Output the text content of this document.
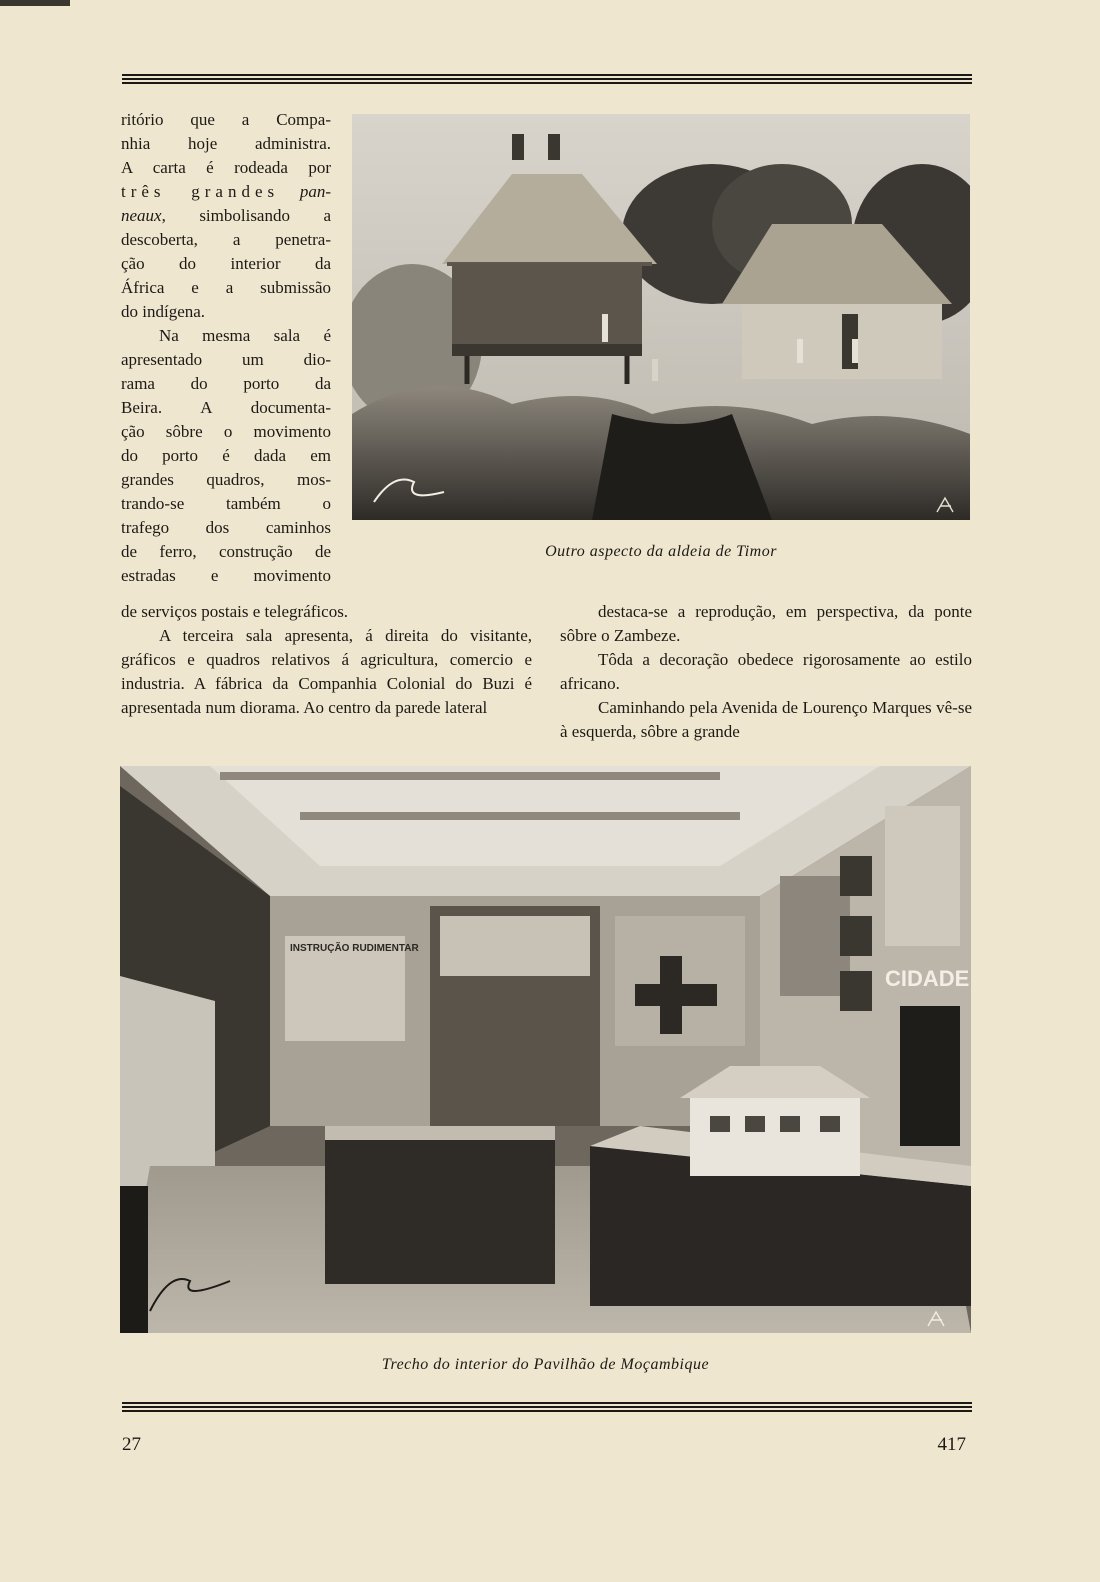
ritório que a Compa-

nhia hoje administra.

A carta é rodeada por

três grandes pan-

neaux, simbolisando a

descoberta, a penetra-

ção do interior da

África e a submissão

do indígena.

Na mesma sala é

apresentado um dio-

rama do porto da

Beira. A documenta-

ção sôbre o movimento

do porto é dada em

grandes quadros, mos-

trando-se também o

trafego dos caminhos

de ferro, construção de

estradas e movimento

de serviços postais e telegráficos.

A terceira sala apresenta, á direita do visitante, gráficos e quadros relativos á agricultura, comercio e industria. A fábrica da Companhia Colonial do Buzi é apresentada num diorama. Ao centro da parede lateral

destaca-se a reprodução, em perspectiva, da ponte sôbre o Zambeze.

Tôda a decoração obedece rigorosamente ao estilo africano.

Caminhando pela Avenida de Lourenço Marques vê-se à esquerda, sôbre a grande

Outro aspecto da aldeia de Timor
INSTRUÇÃO RUDIMENTAR
CIDADE
Trecho do interior do Pavilhão de Moçambique
27	417
